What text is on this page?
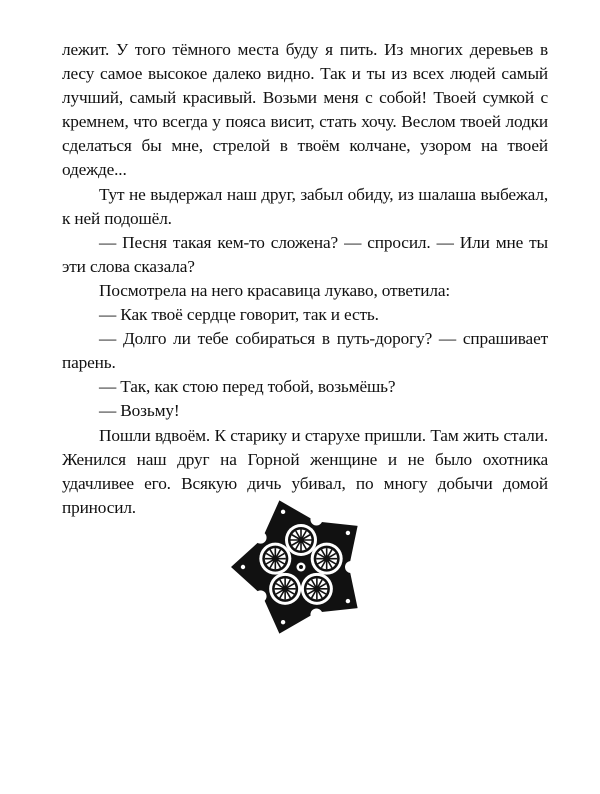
лежит. У того тёмного места буду я пить. Из многих деревьев в лесу самое высокое далеко видно. Так и ты из всех людей самый лучший, самый красивый. Возьми меня с собой! Твоей сумкой с кремнем, что всегда у пояса висит, стать хочу. Веслом твоей лодки сделаться бы мне, стрелой в твоём колчане, узором на твоей одежде...

Тут не выдержал наш друг, забыл обиду, из шалаша выбежал, к ней подошёл.

— Песня такая кем-то сложена? — спросил. — Или мне ты эти слова сказала?

Посмотрела на него красавица лукаво, ответила:

— Как твоё сердце говорит, так и есть.

— Долго ли тебе собираться в путь-дорогу? — спрашивает парень.

— Так, как стою перед тобой, возьмёшь?

— Возьму!

Пошли вдвоём. К старику и старухе пришли. Там жить стали. Женился наш друг на Горной женщине и не было охотника удачливее его. Всякую дичь убивал, по многу добычи домой приносил.
